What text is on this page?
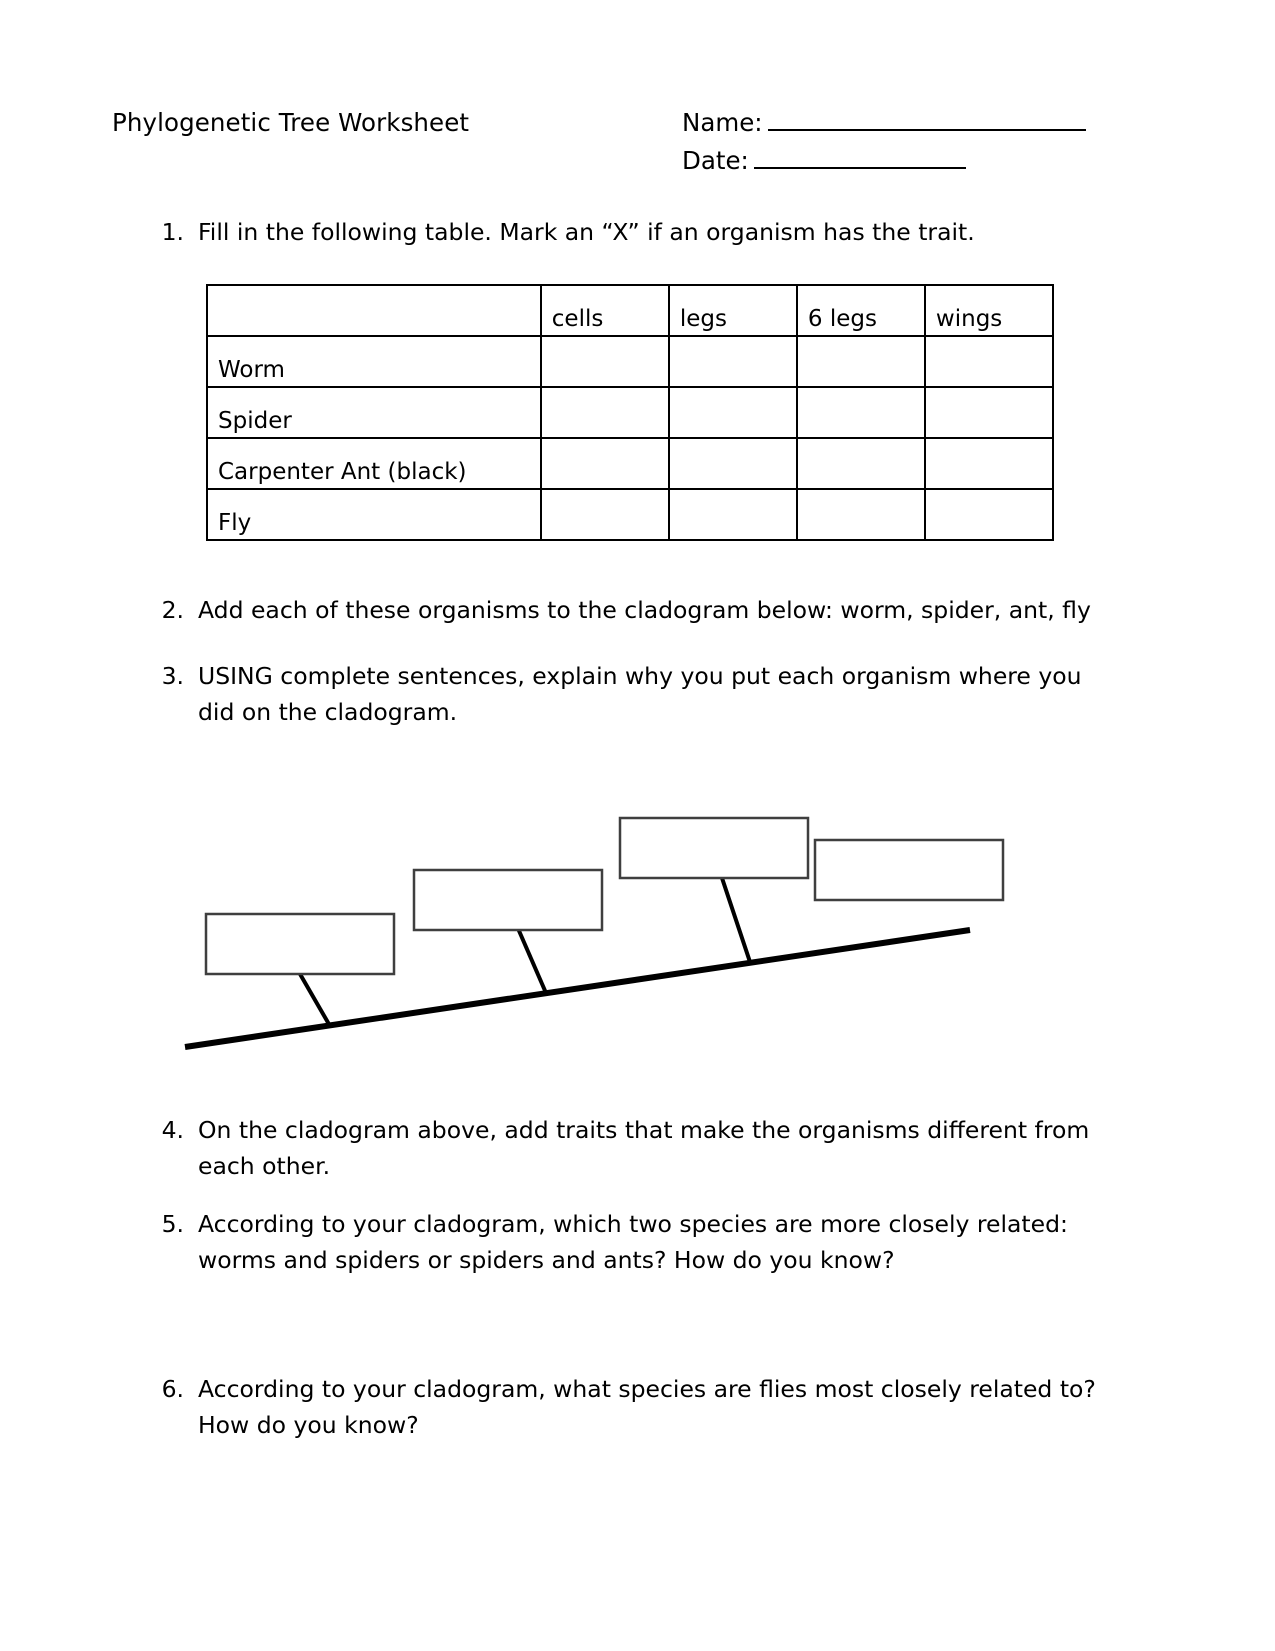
Phylogenetic Tree Worksheet	Name:
Date:
1. Fill in the following table. Mark an “X” if an organism has the trait.
	cells	legs	6 legs	wings
Worm				
Spider				
Carpenter Ant (black)				
Fly				
2. Add each of these organisms to the cladogram below: worm, spider, ant, fly
3. USING complete sentences, explain why you put each organism where you did on the cladogram.
4. On the cladogram above, add traits that make the organisms different from each other.
5. According to your cladogram, which two species are more closely related: worms and spiders or spiders and ants? How do you know?
6. According to your cladogram, what species are flies most closely related to? How do you know?
